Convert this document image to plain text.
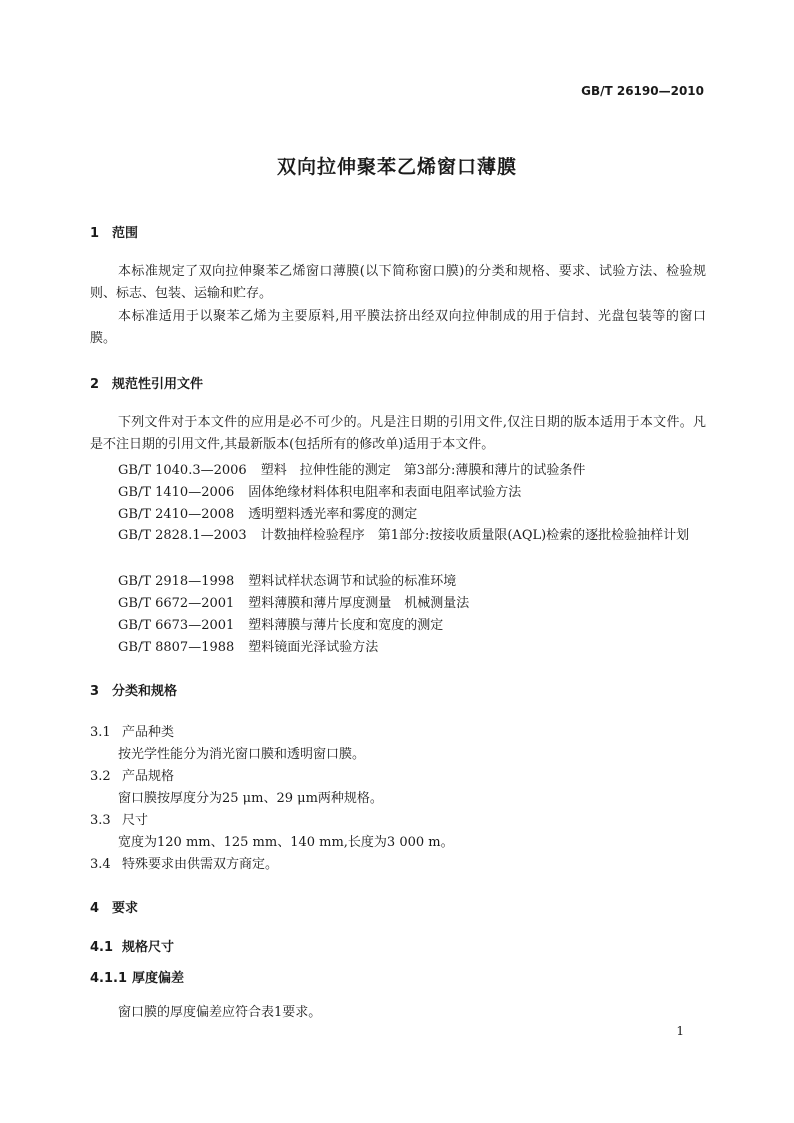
GB/T 26190—2010
双向拉伸聚苯乙烯窗口薄膜
1 范围
本标准规定了双向拉伸聚苯乙烯窗口薄膜(以下简称窗口膜)的分类和规格、要求、试验方法、检验规则、标志、包装、运输和贮存。
本标准适用于以聚苯乙烯为主要原料,用平膜法挤出经双向拉伸制成的用于信封、光盘包装等的窗口膜。
2 规范性引用文件
下列文件对于本文件的应用是必不可少的。凡是注日期的引用文件,仅注日期的版本适用于本文件。凡是不注日期的引用文件,其最新版本(包括所有的修改单)适用于本文件。
GB/T 1040.3—2006 塑料　拉伸性能的测定　第3部分:薄膜和薄片的试验条件
GB/T 1410—2006 固体绝缘材料体积电阻率和表面电阻率试验方法
GB/T 2410—2008 透明塑料透光率和雾度的测定
GB/T 2828.1—2003 计数抽样检验程序　第1部分:按接收质量限(AQL)检索的逐批检验抽样计划
GB/T 2918—1998 塑料试样状态调节和试验的标准环境
GB/T 6672—2001 塑料薄膜和薄片厚度测量　机械测量法
GB/T 6673—2001 塑料薄膜与薄片长度和宽度的测定
GB/T 8807—1988 塑料镜面光泽试验方法
3 分类和规格
3.1 产品种类
按光学性能分为消光窗口膜和透明窗口膜。
3.2 产品规格
窗口膜按厚度分为25 μm、29 μm两种规格。
3.3 尺寸
宽度为120 mm、125 mm、140 mm,长度为3 000 m。
3.4 特殊要求由供需双方商定。
4 要求
4.1 规格尺寸
4.1.1 厚度偏差
窗口膜的厚度偏差应符合表1要求。
1
